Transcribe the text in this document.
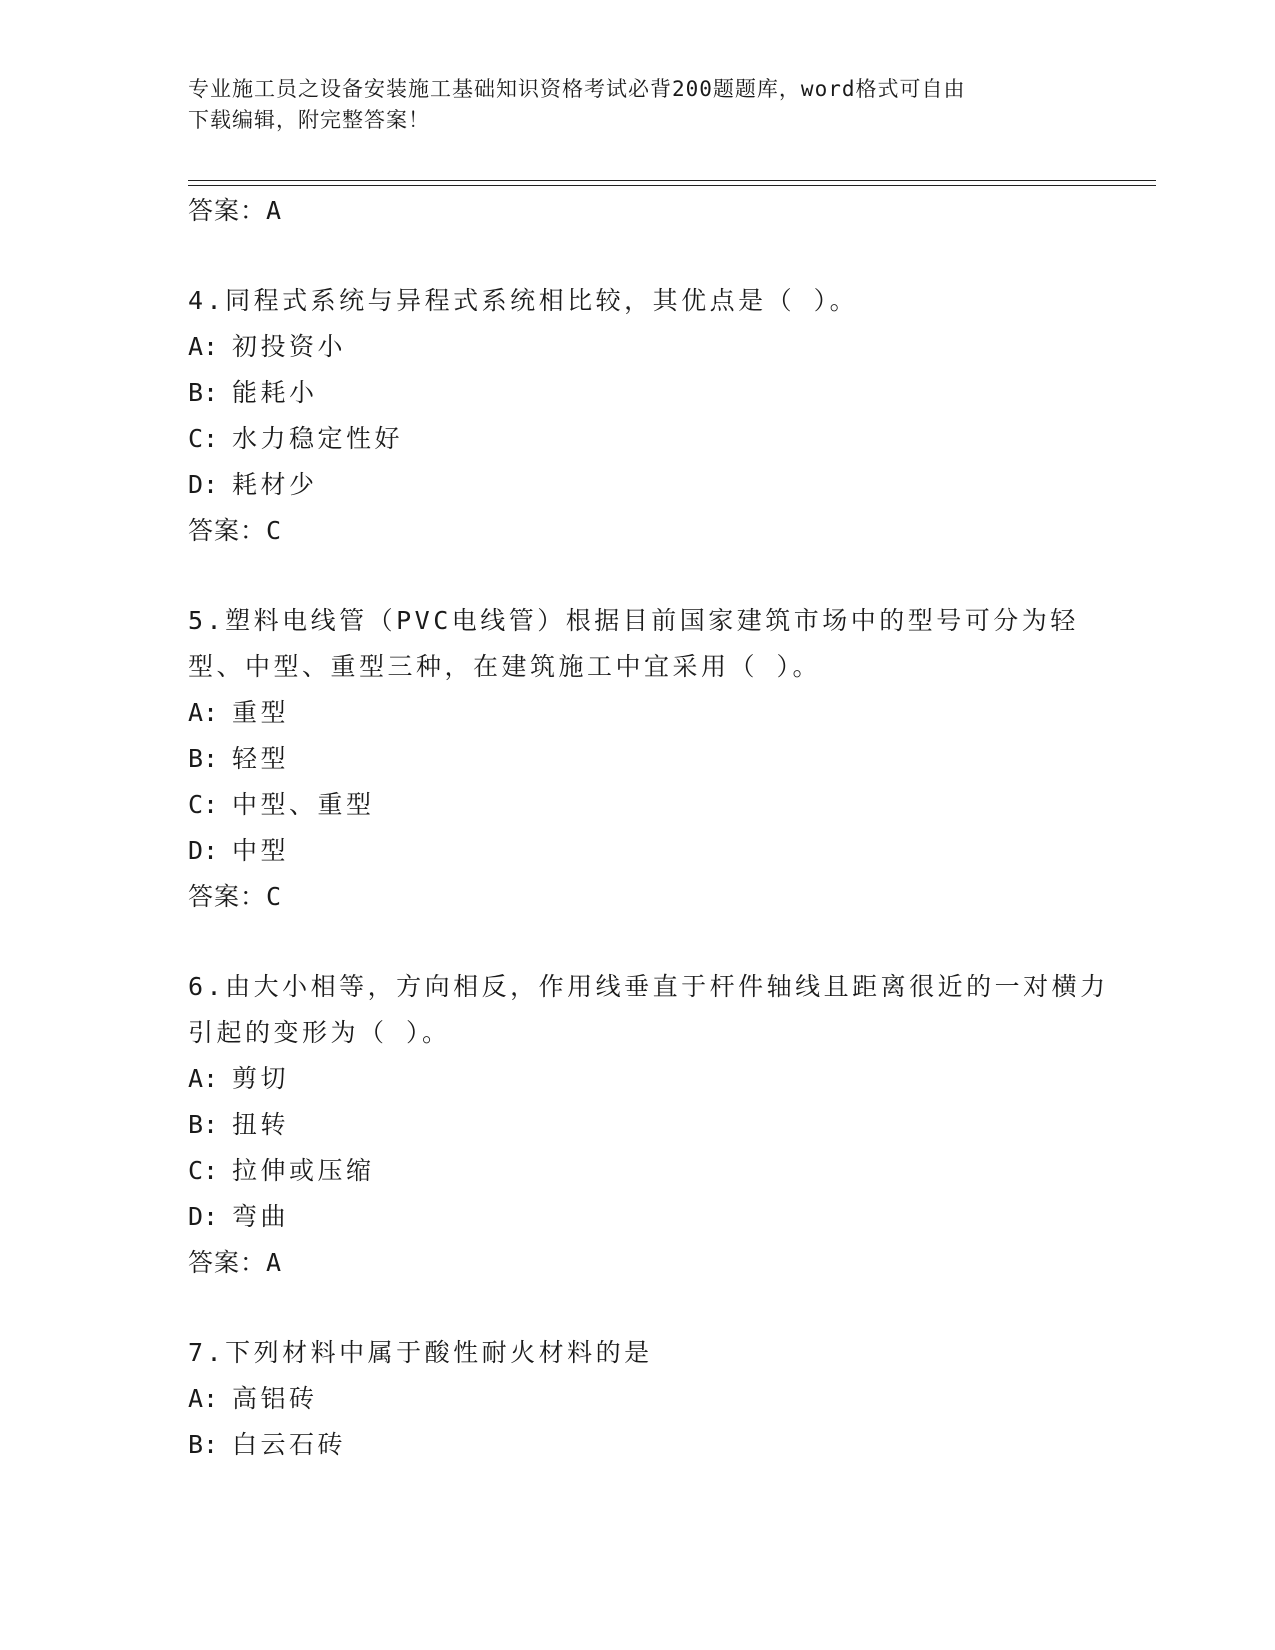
专业施工员之设备安装施工基础知识资格考试必背200题题库，word格式可自由
下载编辑，附完整答案！
答案：A
4.同程式系统与异程式系统相比较，其优点是（ ）。
A: 初投资小
B: 能耗小
C: 水力稳定性好
D: 耗材少
答案：C
5.塑料电线管（PVC电线管）根据目前国家建筑市场中的型号可分为轻型、中型、重型三种，在建筑施工中宜采用（ ）。
A: 重型
B: 轻型
C: 中型、重型
D: 中型
答案：C
6.由大小相等，方向相反，作用线垂直于杆件轴线且距离很近的一对横力引起的变形为（ ）。
A: 剪切
B: 扭转
C: 拉伸或压缩
D: 弯曲
答案：A
7.下列材料中属于酸性耐火材料的是
A: 高铝砖
B: 白云石砖
